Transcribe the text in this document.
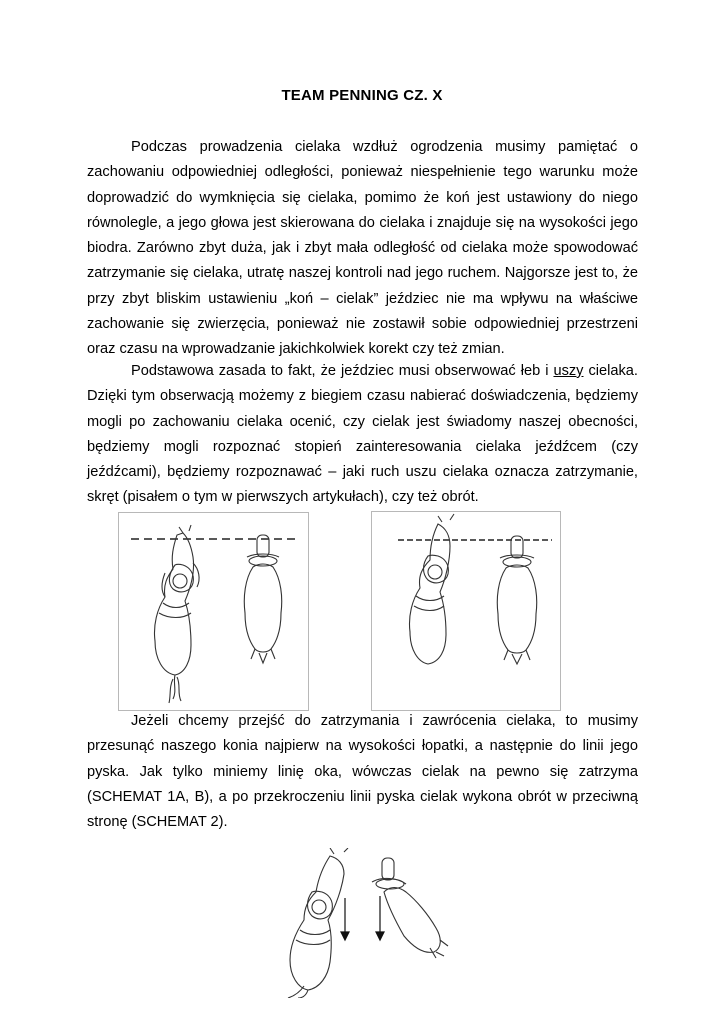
TEAM PENNING CZ. X

Podczas prowadzenia cielaka wzdłuż ogrodzenia musimy pamiętać o zachowaniu odpowiedniej odległości, ponieważ niespełnienie tego warunku może doprowadzić do wymknięcia się cielaka, pomimo że koń jest ustawiony do niego równolegle, a jego głowa jest skierowana do cielaka i znajduje się na wysokości jego biodra. Zarówno zbyt duża, jak i zbyt mała odległość od cielaka może spowodować zatrzymanie się cielaka, utratę naszej kontroli nad jego ruchem. Najgorsze jest to, że przy zbyt bliskim ustawieniu „koń – cielak” jeździec nie ma wpływu na właściwe zachowanie się zwierzęcia, ponieważ nie zostawił sobie odpowiedniej przestrzeni oraz czasu na wprowadzanie jakichkolwiek korekt czy też zmian.

Podstawowa zasada to fakt, że jeździec musi obserwować łeb i uszy cielaka. Dzięki tym obserwacją możemy z biegiem czasu nabierać doświadczenia, będziemy mogli po zachowaniu cielaka ocenić, czy cielak jest świadomy naszej obecności, będziemy mogli rozpoznać stopień zainteresowania cielaka jeźdźcem (czy jeźdźcami), będziemy rozpoznawać – jaki ruch uszu cielaka oznacza zatrzymanie, skręt (pisałem o tym w pierwszych artykułach), czy też obrót.

Jeżeli chcemy przejść do zatrzymania i zawrócenia cielaka, to musimy przesunąć naszego konia najpierw na wysokości łopatki, a następnie do linii jego pyska. Jak tylko miniemy linię oka, wówczas cielak na pewno się zatrzyma (SCHEMAT 1A, B), a po przekroczeniu linii pyska cielak wykona obrót w przeciwną stronę (SCHEMAT 2).
